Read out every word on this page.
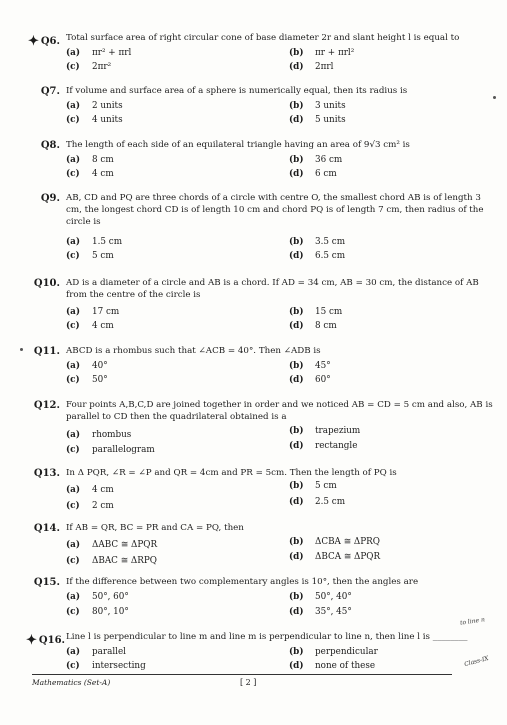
✦ Q6. Total surface area of right circular cone of base diameter 2r and slant height l is equal to
(a) πr² + πrl	(b) πr + πrl²
(c) 2πr²	(d) 2πrl
Q7. If volume and surface area of a sphere is numerically equal, then its radius is
(a) 2 units	(b) 3 units
(c) 4 units	(d) 5 units
Q8. The length of each side of an equilateral triangle having an area of 9√3 cm² is
(a) 8 cm	(b) 36 cm
(c) 4 cm	(d) 6 cm
Q9. AB, CD and PQ are three chords of a circle with centre O, the smallest chord AB is of length 3 cm, the longest chord CD is of length 10 cm and chord PQ is of length 7 cm, then radius of the circle is
(a) 1.5 cm	(b) 3.5 cm
(c) 5 cm	(d) 6.5 cm
Q10. AD is a diameter of a circle and AB is a chord. If AD = 34 cm, AB = 30 cm, the distance of AB from the centre of the circle is
(a) 17 cm	(b) 15 cm
(c) 4 cm	(d) 8 cm
Q11. ABCD is a rhombus such that ∠ACB = 40°. Then ∠ADB is
(a) 40°	(b) 45°
(c) 50°	(d) 60°
Q12. Four points A,B,C,D are joined together in order and we noticed AB = CD = 5 cm and also, AB is parallel to CD then the quadrilateral obtained is a
(a) rhombus	(b) trapezium
(c) parallelogram	(d) rectangle
Q13. In Δ PQR, ∠R = ∠P and QR = 4cm and PR = 5cm. Then the length of PQ is
(a) 4 cm	(b) 5 cm
(c) 2 cm	(d) 2.5 cm
Q14. If AB = QR, BC = PR and CA = PQ, then
(a) ΔABC ≅ ΔPQR	(b) ΔCBA ≅ ΔPRQ
(c) ΔBAC ≅ ΔRPQ	(d) ΔBCA ≅ ΔPQR
Q15. If the difference between two complementary angles is 10°, then the angles are
(a) 50°, 60°	(b) 50°, 40°
(c) 80°, 10°	(d) 35°, 45°
✦ Q16. Line l is perpendicular to line m and line m is perpendicular to line n, then line l is ________
(a) parallel	(b) perpendicular
(c) intersecting	(d) none of these
Mathematics (Set-A)	[ 2 ]
to line n
Class-IX
